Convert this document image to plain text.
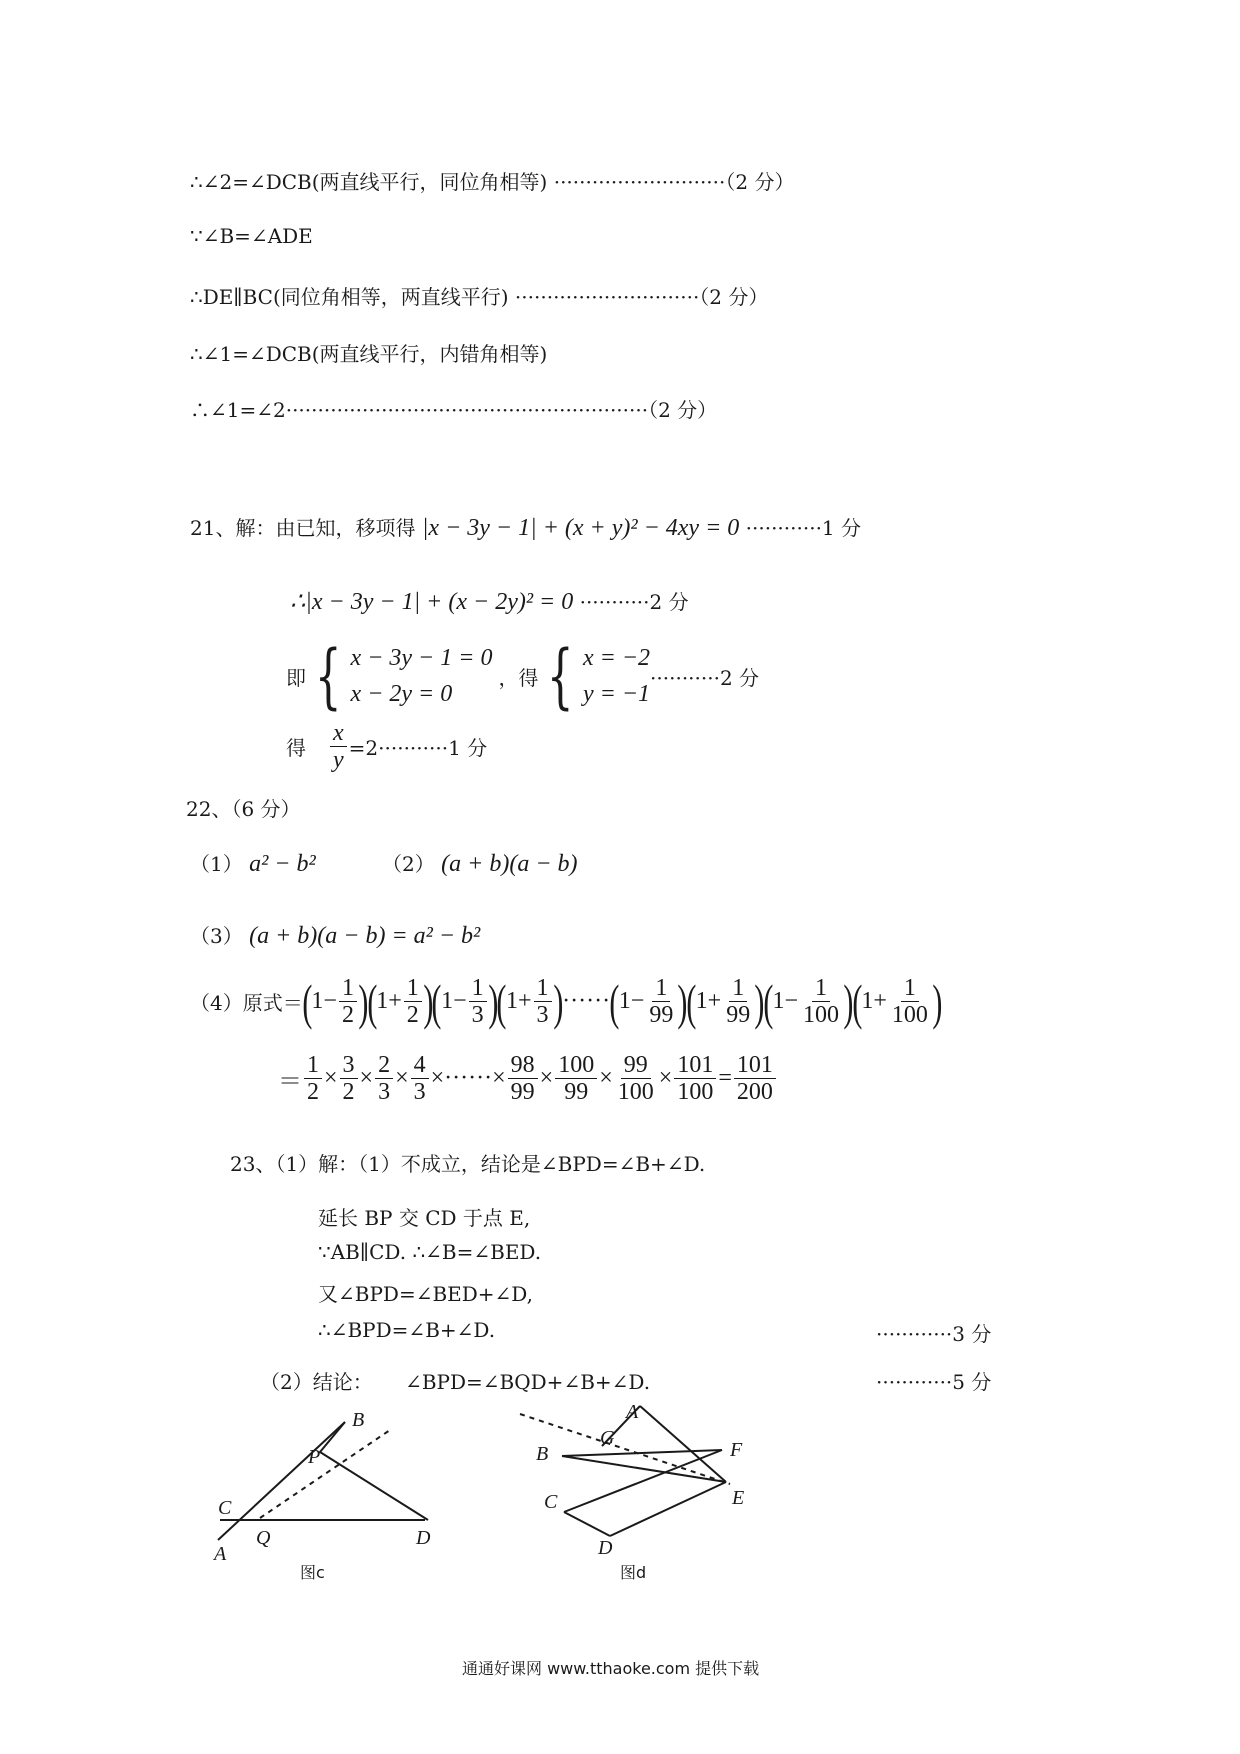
∴∠2=∠DCB(两直线平行，同位角相等) ···························（2 分）
∵∠B=∠ADE
∴DE∥BC(同位角相等，两直线平行) ·····························（2 分）
∴∠1=∠DCB(两直线平行，内错角相等)
∴∠1=∠2·························································（2 分）
21、解：由已知，移项得 |x − 3y − 1| + (x + y)² − 4xy = 0 ············1 分
∴|x − 3y − 1| + (x − 2y)² = 0 ···········2 分
即 { x − 3y − 1 = 0
x − 2y = 0
，得 { x = −2
y = −1
···········2 分
得 $\frac{x}{y} =2\cdot\cdot\cdot\cdot\cdot\cdot\cdot\cdot\cdot\cdot\cdot 1$ 分
22、（6 分）
（1） a² − b²	（2） (a + b)(a − b)
（3） (a + b)(a − b) = a² − b²
（4）原式＝ ( $1- \frac{1}{2}$ )
( $1+ \frac{1}{2}$ )
( $1- \frac{1}{3}$ )
( $1+ \frac{1}{3}$ ) ······ ( $1- \frac{1}{99}$ )
( $1+ \frac{1}{99}$ )
( $1- \frac{1}{100}$ )
( $1+ \frac{1}{100}$ )
＝ $\frac{1}{2} \times \frac{3}{2} \times \frac{2}{3} \times \frac{4}{3}$ ×······× $\frac{98}{99} \times \frac{100}{99} \times \frac{99}{100} \times \frac{101}{100} = \frac{101}{200}$
23、（1）解：（1）不成立，结论是∠BPD=∠B+∠D.
延长 BP 交 CD 于点 E,
∵AB∥CD. ∴∠B=∠BED.
又∠BPD=∠BED+∠D,
∴∠BPD=∠B+∠D.	············3 分
（2）结论： ∠BPD=∠BQD+∠B+∠D.	············5 分
B
P
C
Q
A
D
图c
A
G
B	F
C	E
D
图d
通通好课网 www.tthaoke.com 提供下载
